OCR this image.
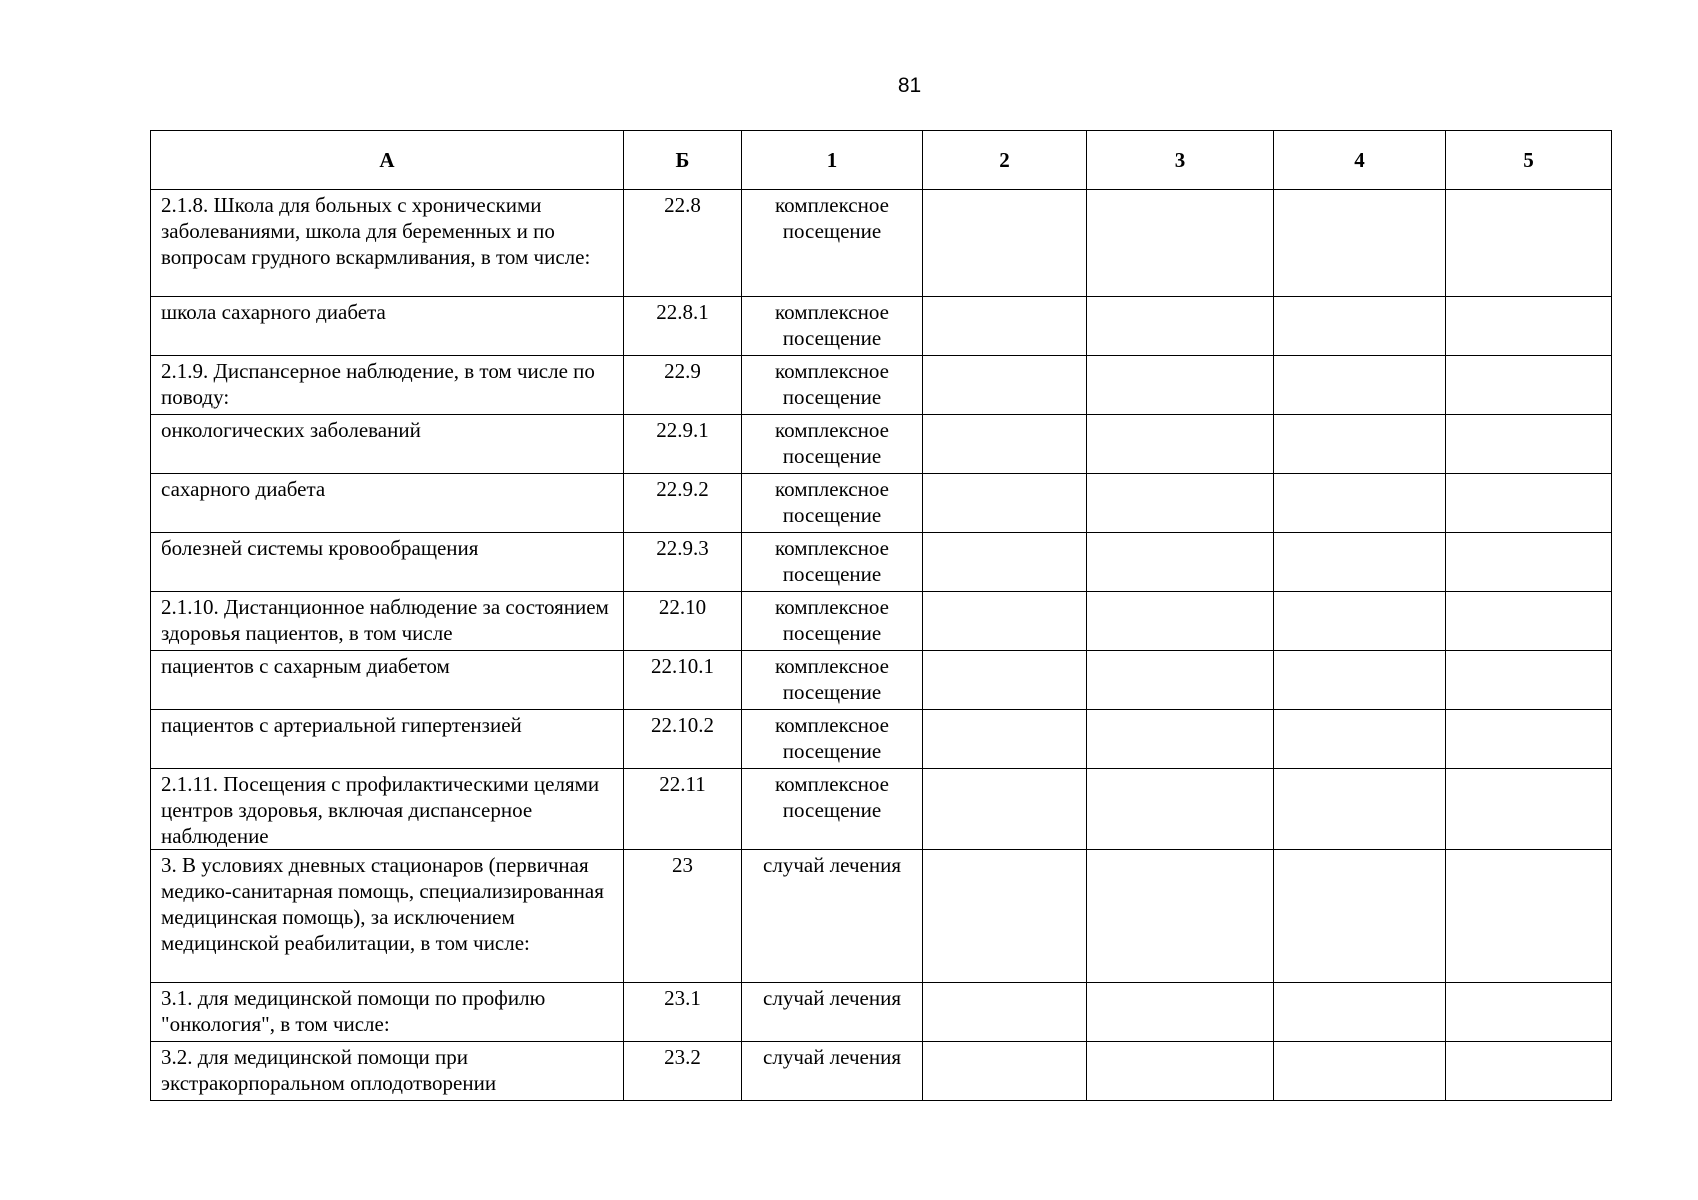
81
А	Б	1	2	3	4	5
2.1.8. Школа для больных с хроническими заболеваниями, школа для беременных и по вопросам грудного вскармливания, в том числе:	22.8	комплексное посещение				
школа сахарного диабета	22.8.1	комплексное посещение				
2.1.9. Диспансерное наблюдение, в том числе по поводу:	22.9	комплексное посещение				
онкологических заболеваний	22.9.1	комплексное посещение				
сахарного диабета	22.9.2	комплексное посещение				
болезней системы кровообращения	22.9.3	комплексное посещение				
2.1.10. Дистанционное наблюдение за состоянием здоровья пациентов, в том числе	22.10	комплексное посещение				
пациентов с сахарным диабетом	22.10.1	комплексное посещение				
пациентов с артериальной гипертензией	22.10.2	комплексное посещение				
2.1.11. Посещения с профилактическими целями центров здоровья, включая диспансерное наблюдение	22.11	комплексное посещение				
3. В условиях дневных стационаров (первичная медико-санитарная помощь, специализированная медицинская помощь), за исключением медицинской реабилитации, в том числе:	23	случай лечения				
3.1. для медицинской помощи по профилю "онкология", в том числе:	23.1	случай лечения				
3.2. для медицинской помощи при экстракорпоральном оплодотворении	23.2	случай лечения				
